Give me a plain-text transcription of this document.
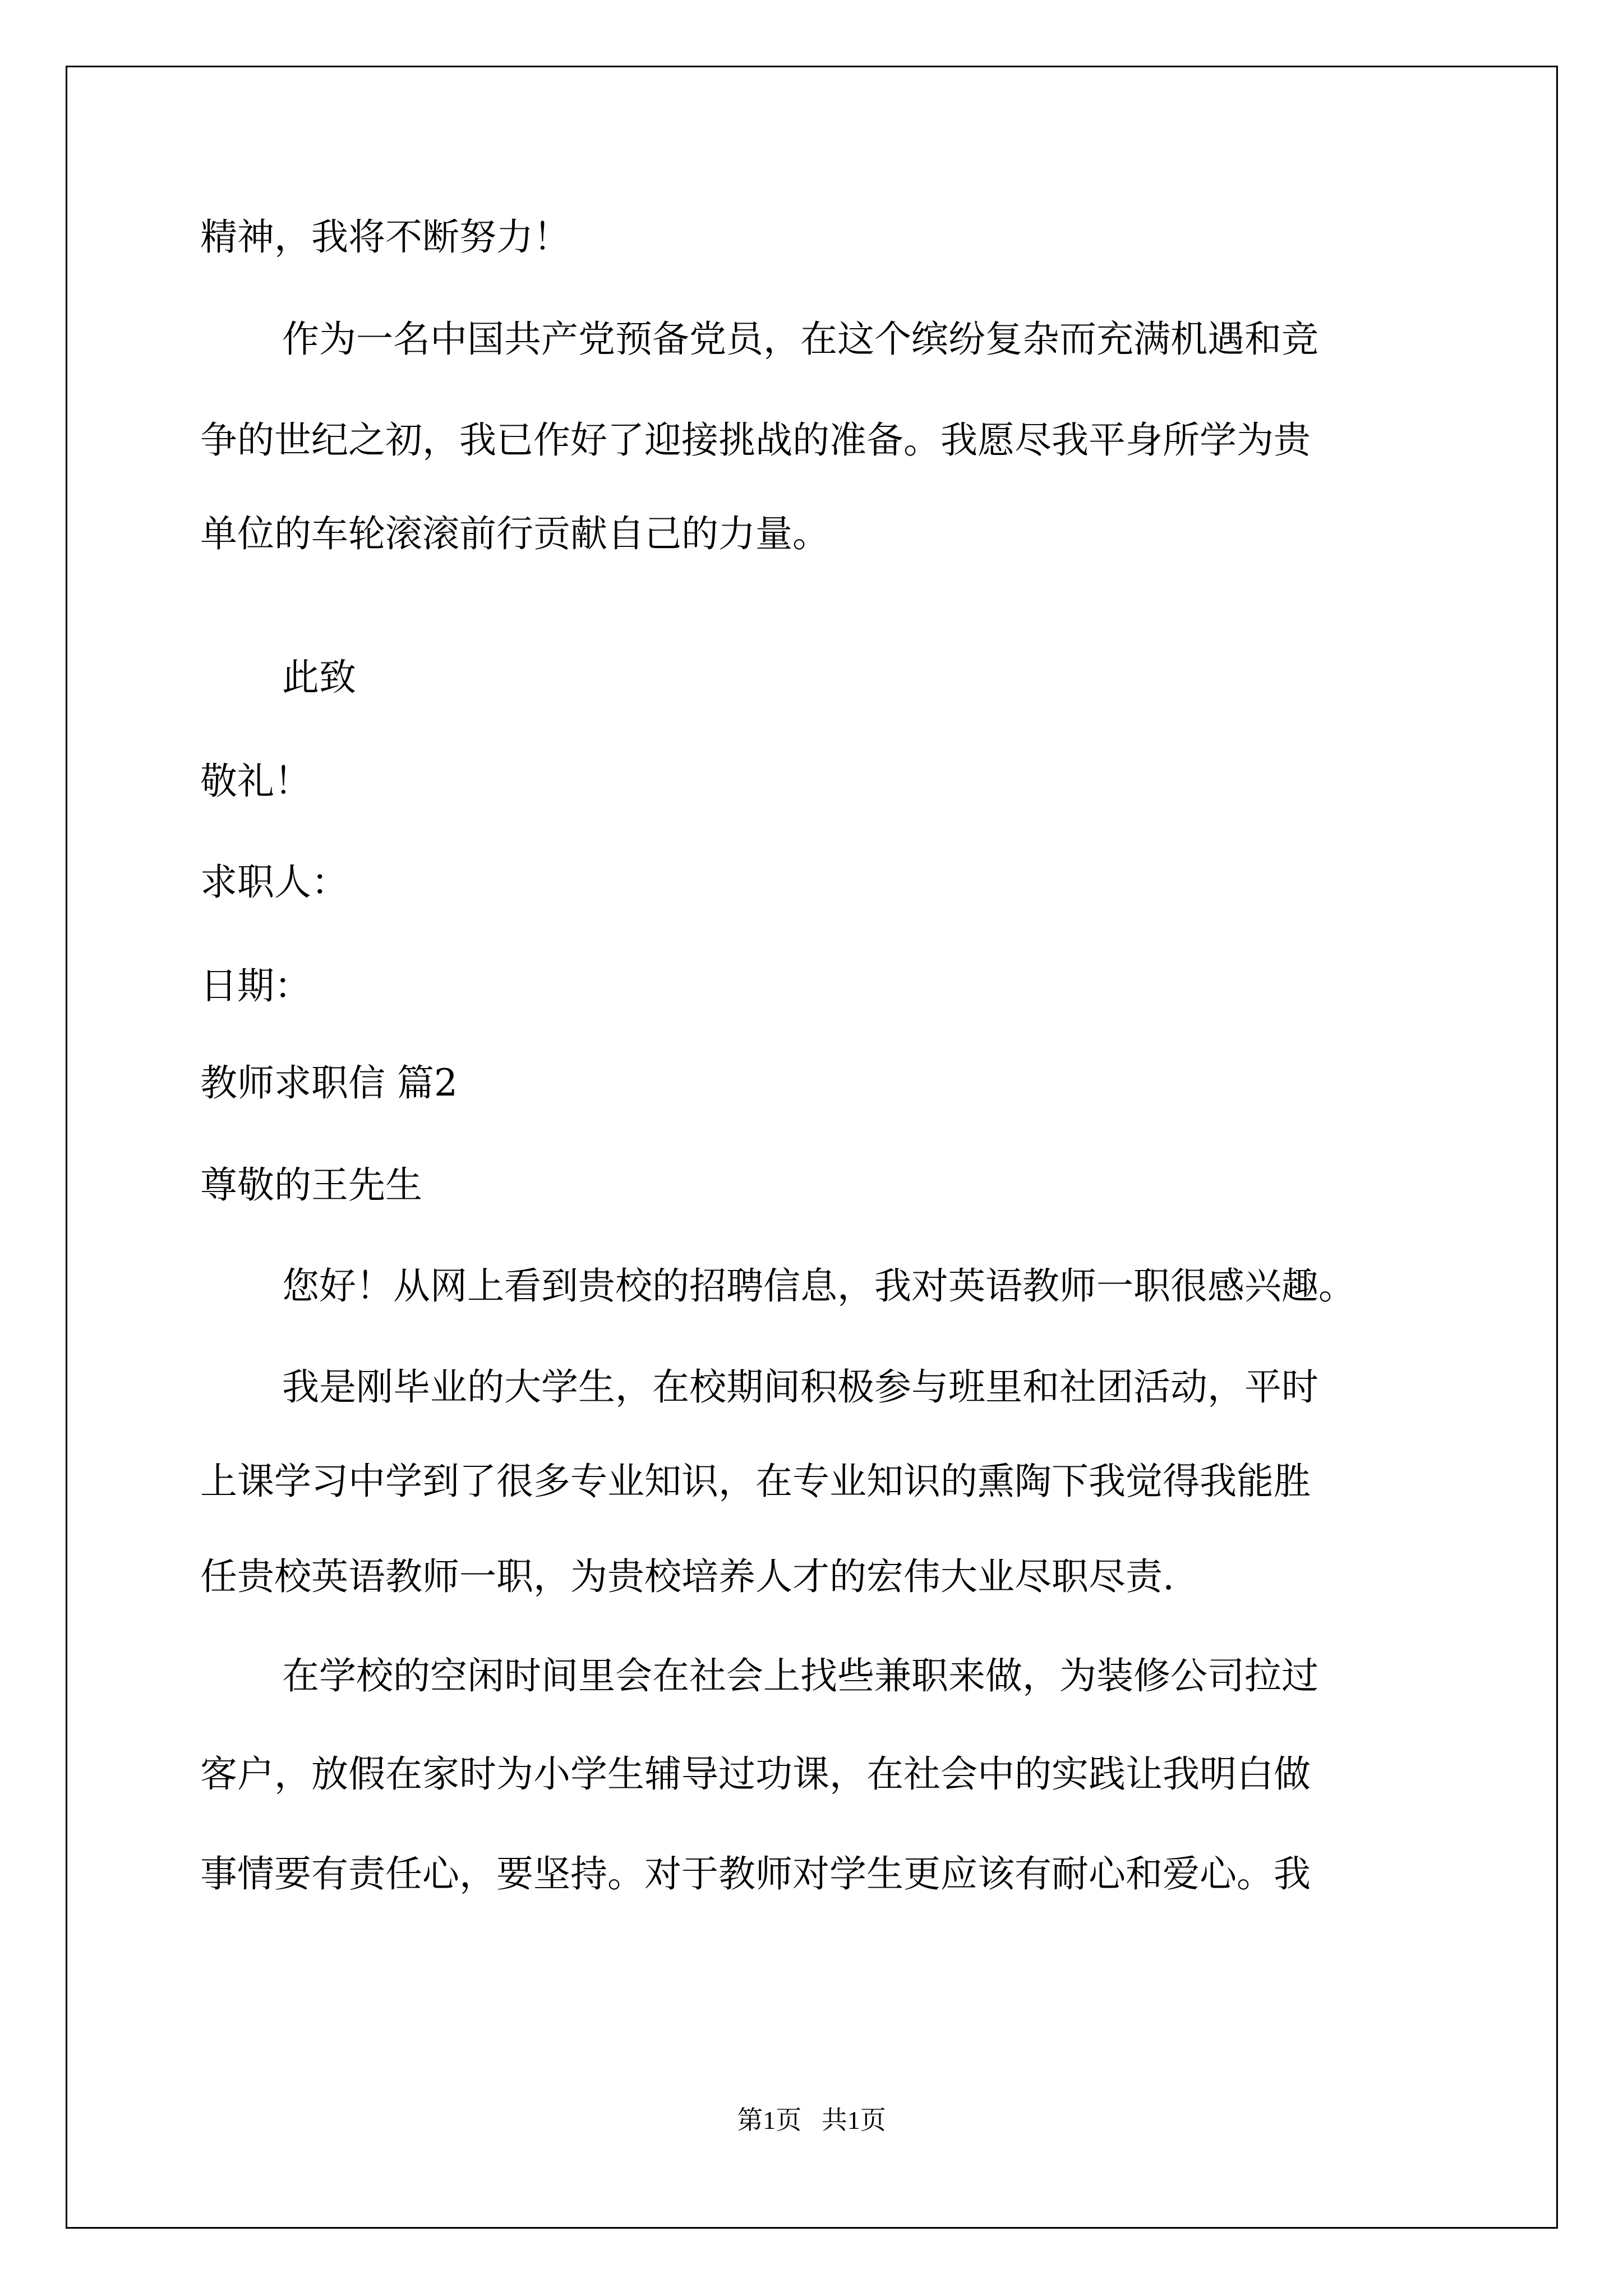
精神，我将不断努力！
作为一名中国共产党预备党员，在这个缤纷复杂而充满机遇和竞
争的世纪之初，我已作好了迎接挑战的准备。我愿尽我平身所学为贵
单位的车轮滚滚前行贡献自己的力量。
此致
敬礼！
求职人：
日期：
教师求职信 篇2
尊敬的王先生
您好！从网上看到贵校的招聘信息，我对英语教师一职很感兴趣。
我是刚毕业的大学生，在校期间积极参与班里和社团活动，平时
上课学习中学到了很多专业知识，在专业知识的熏陶下我觉得我能胜
任贵校英语教师一职，为贵校培养人才的宏伟大业尽职尽责.
在学校的空闲时间里会在社会上找些兼职来做，为装修公司拉过
客户，放假在家时为小学生辅导过功课，在社会中的实践让我明白做
事情要有责任心，要坚持。对于教师对学生更应该有耐心和爱心。我
第1页 共1页
